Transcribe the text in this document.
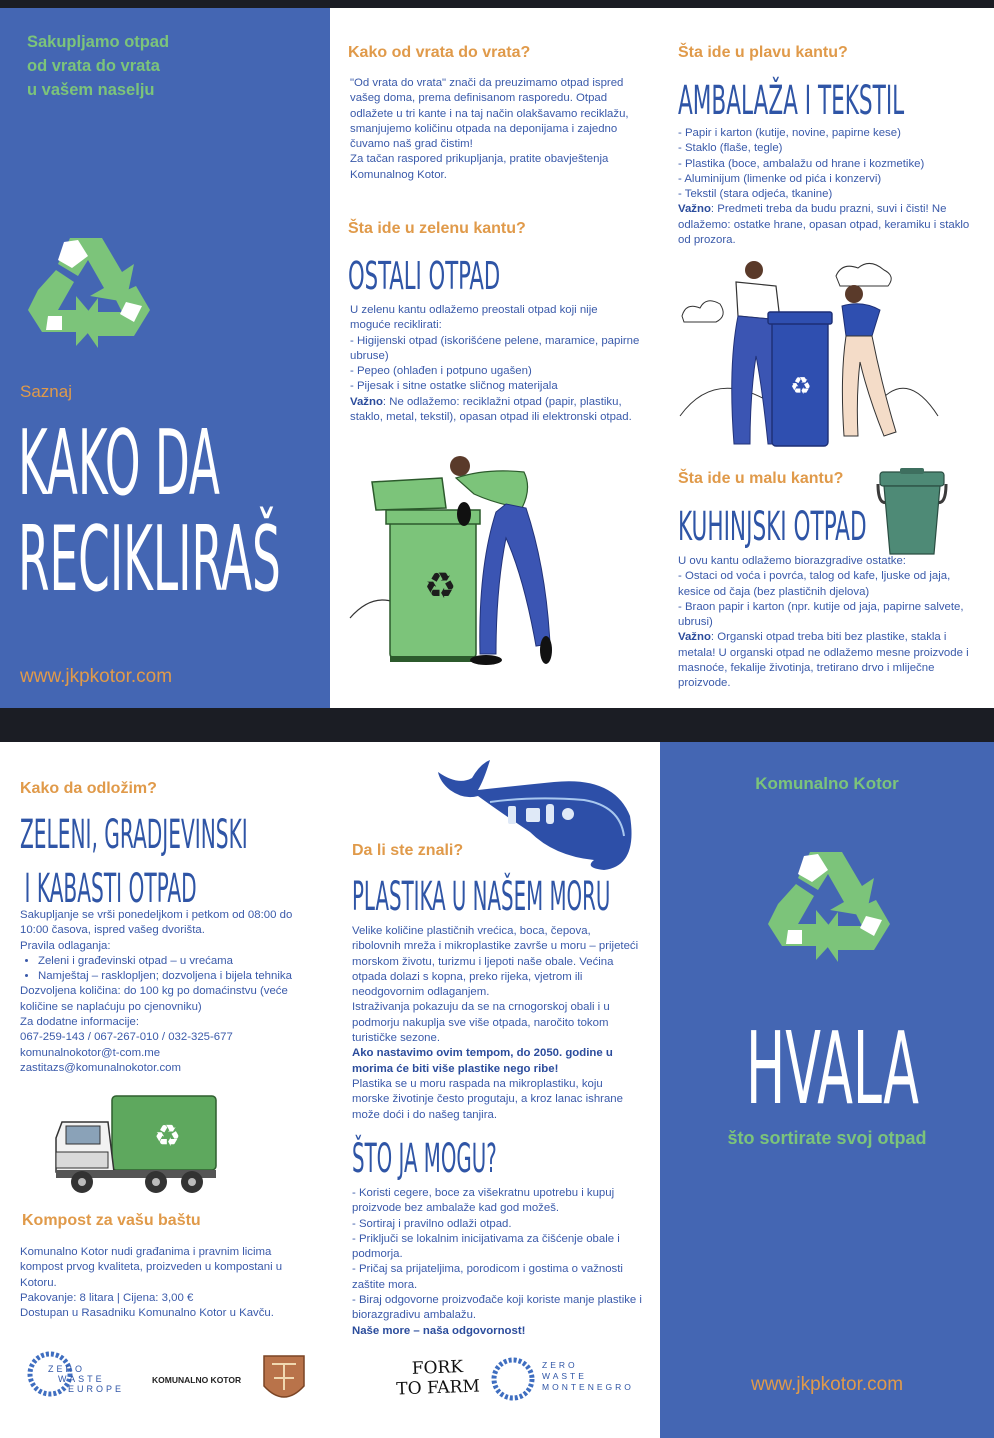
Sakupljamo otpad
od vrata do vrata
u vašem naselju
Saznaj
KAKO DA
RECIKLIRAŠ
www.jkpkotor.com
Kako od vrata do vrata?
"Od vrata do vrata" znači da preuzimamo otpad ispred vašeg doma, prema definisanom rasporedu. Otpad odlažete u tri kante i na taj način olakšavamo reciklažu, smanjujemo količinu otpada na deponijama i zajedno čuvamo naš grad čistim!
Za tačan raspored prikupljanja, pratite obavještenja Komunalnog Kotor.
Šta ide u zelenu kantu?
OSTALI OTPAD
U zelenu kantu odlažemo preostali otpad koji nije moguće reciklirati:
- Higijenski otpad (iskorišćene pelene, maramice, papirne ubruse)
- Pepeo (ohlađen i potpuno ugašen)
- Pijesak i sitne ostatke sličnog materijala
Važno: Ne odlažemo: reciklažni otpad (papir, plastiku, staklo, metal, tekstil), opasan otpad ili elektronski otpad.
♻
Šta ide u plavu kantu?
AMBALAŽA I TEKSTIL
- Papir i karton (kutije, novine, papirne kese)
- Staklo (flaše, tegle)
- Plastika (boce, ambalažu od hrane i kozmetike)
- Aluminijum (limenke od pića i konzervi)
- Tekstil (stara odjeća, tkanine)
Važno: Predmeti treba da budu prazni, suvi i čisti! Ne odlažemo: ostatke hrane, opasan otpad, keramiku i staklo od prozora.
♻
Šta ide u malu kantu?
KUHINJSKI OTPAD
U ovu kantu odlažemo biorazgradive ostatke:
- Ostaci od voća i povrća, talog od kafe, ljuske od jaja, kesice od čaja (bez plastičnih djelova)
- Braon papir i karton (npr. kutije od jaja, papirne salvete, ubrusi)
Važno: Organski otpad treba biti bez plastike, stakla i metala! U organski otpad ne odlažemo mesne proizvode i masnoće, fekalije životinja, tretirano drvo i mliječne proizvode.
Kako da odložim?
ZELENI, GRADJEVINSKI
I KABASTI OTPAD
Sakupljanje se vrši ponedeljkom i petkom od 08:00 do 10:00 časova, ispred vašeg dvorišta.
Pravila odlaganja:
• Zeleni i građevinski otpad – u vrećama
• Namještaj – rasklopljen; dozvoljena i bijela tehnika
Dozvoljena količina: do 100 kg po domaćinstvu (veće količine se naplaćuju po cjenovniku)
Za dodatne informacije:
067-259-143 / 067-267-010 / 032-325-677
komunalnokotor@t-com.me
zastitazs@komunalnokotor.com
♻
Kompost za vašu baštu
Komunalno Kotor nudi građanima i pravnim licima kompost prvog kvaliteta, proizveden u kompostani u Kotoru.
Pakovanje: 8 litara | Cijena: 3,00 €
Dostupan u Rasadniku Komunalno Kotor u Kavču.
ZERO
WASTE
EUROPE
KOMUNALNO KOTOR
Da li ste znali?
PLASTIKA U NAŠEM MORU
Velike količine plastičnih vrećica, boca, čepova, ribolovnih mreža i mikroplastike završe u moru – prijeteći morskom životu, turizmu i ljepoti naše obale. Većina otpada dolazi s kopna, preko rijeka, vjetrom ili neodgovornim odlaganjem.
Istraživanja pokazuju da se na crnogorskoj obali i u podmorju nakuplja sve više otpada, naročito tokom turističke sezone.
Ako nastavimo ovim tempom, do 2050. godine u morima će biti više plastike nego ribe!
Plastika se u moru raspada na mikroplastiku, koju morske životinje često progutaju, a kroz lanac ishrane može doći i do našeg tanjira.
ŠTO JA MOGU?
- Koristi cegere, boce za višekratnu upotrebu i kupuj proizvode bez ambalaže kad god možeš.
- Sortiraj i pravilno odlaži otpad.
- Priključi se lokalnim inicijativama za čišćenje obale i podmorja.
- Pričaj sa prijateljima, porodicom i gostima o važnosti zaštite mora.
- Biraj odgovorne proizvođače koji koriste manje plastike i biorazgradivu ambalažu.
Naše more – naša odgovornost!
FORK
TO FARM
ZERO
WASTE
MONTENEGRO
Komunalno Kotor
HVALA
što sortirate svoj otpad
www.jkpkotor.com
